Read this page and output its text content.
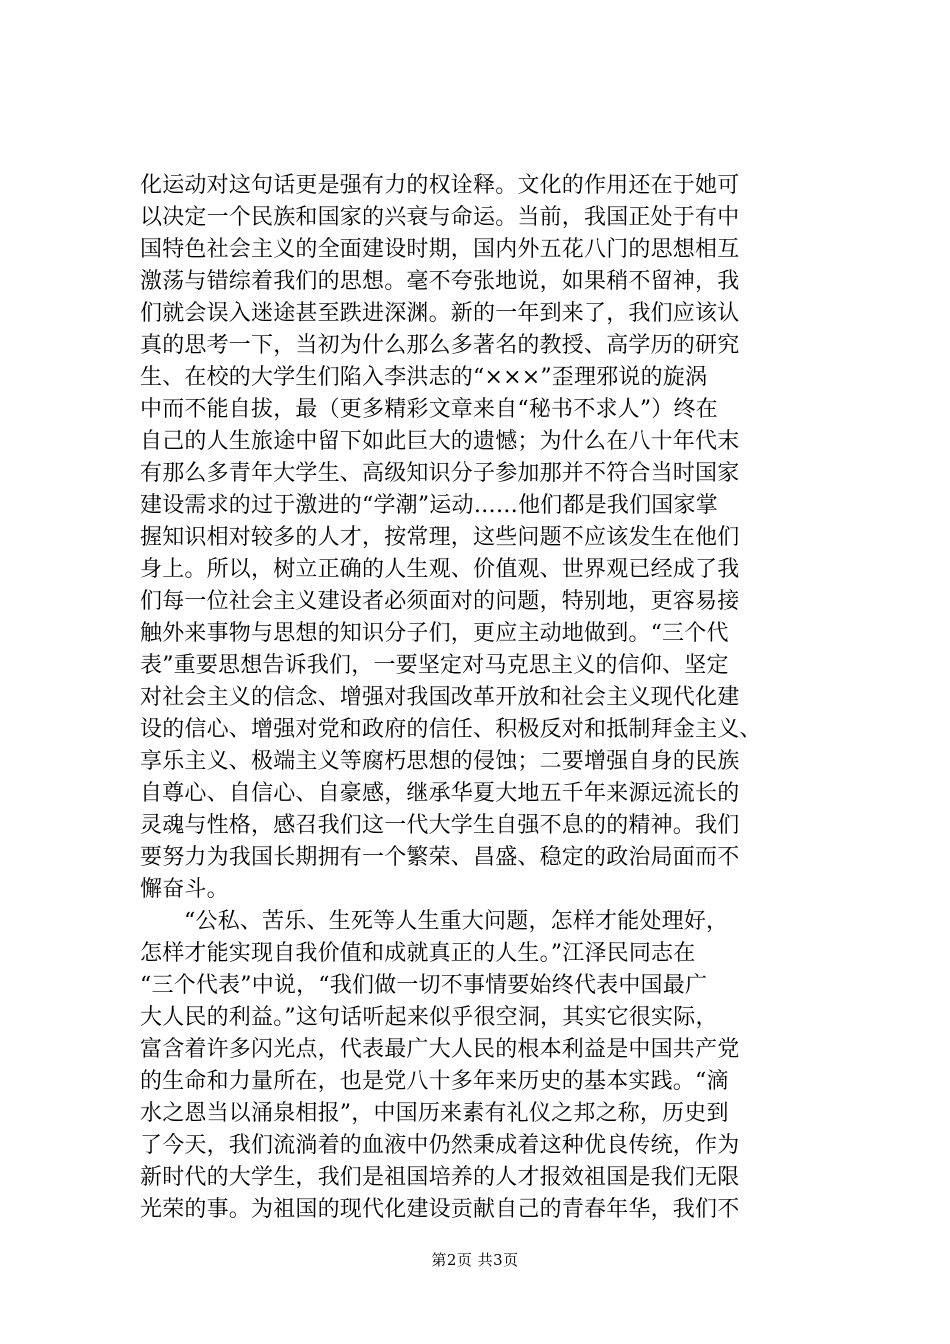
化运动对这句话更是强有力的权诠释。文化的作用还在于她可
以决定一个民族和国家的兴衰与命运。当前，我国正处于有中
国特色社会主义的全面建设时期，国内外五花八门的思想相互
激荡与错综着我们的思想。毫不夸张地说，如果稍不留神，我
们就会误入迷途甚至跌进深渊。新的一年到来了，我们应该认
真的思考一下，当初为什么那么多著名的教授、高学历的研究
生、在校的大学生们陷入李洪志的“×××”歪理邪说的旋涡
中而不能自拔，最（更多精彩文章来自“秘书不求人”）终在
自己的人生旅途中留下如此巨大的遗憾；为什么在八十年代末
有那么多青年大学生、高级知识分子参加那并不符合当时国家
建设需求的过于激进的“学潮”运动……他们都是我们国家掌
握知识相对较多的人才，按常理，这些问题不应该发生在他们
身上。所以，树立正确的人生观、价值观、世界观已经成了我
们每一位社会主义建设者必须面对的问题，特别地，更容易接
触外来事物与思想的知识分子们，更应主动地做到。“三个代
表”重要思想告诉我们，一要坚定对马克思主义的信仰、坚定
对社会主义的信念、增强对我国改革开放和社会主义现代化建
设的信心、增强对党和政府的信任、积极反对和抵制拜金主义、
享乐主义、极端主义等腐朽思想的侵蚀；二要增强自身的民族
自尊心、自信心、自豪感，继承华夏大地五千年来源远流长的
灵魂与性格，感召我们这一代大学生自强不息的的精神。我们
要努力为我国长期拥有一个繁荣、昌盛、稳定的政治局面而不
懈奋斗。
“公私、苦乐、生死等人生重大问题，怎样才能处理好，
怎样才能实现自我价值和成就真正的人生。”江泽民同志在
“三个代表”中说，“我们做一切不事情要始终代表中国最广
大人民的利益。”这句话听起来似乎很空洞，其实它很实际，
富含着许多闪光点，代表最广大人民的根本利益是中国共产党
的生命和力量所在，也是党八十多年来历史的基本实践。“滴
水之恩当以涌泉相报”，中国历来素有礼仪之邦之称，历史到
了今天，我们流淌着的血液中仍然秉成着这种优良传统，作为
新时代的大学生，我们是祖国培养的人才报效祖国是我们无限
光荣的事。为祖国的现代化建设贡献自己的青春年华，我们不
第2页 共3页
